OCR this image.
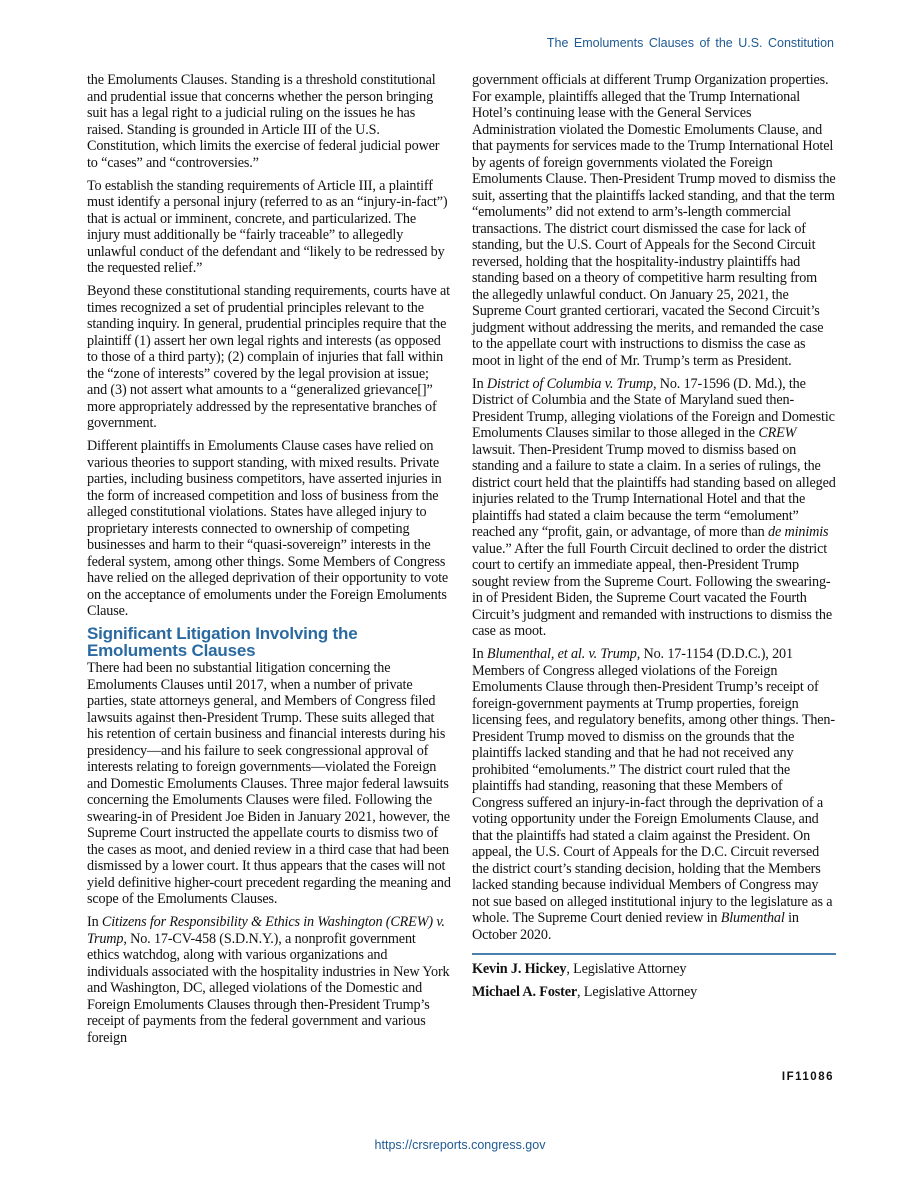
The Emoluments Clauses of the U.S. Constitution

the Emoluments Clauses. Standing is a threshold constitutional and prudential issue that concerns whether the person bringing suit has a legal right to a judicial ruling on the issues he has raised. Standing is grounded in Article III of the U.S. Constitution, which limits the exercise of federal judicial power to “cases” and “controversies.”

To establish the standing requirements of Article III, a plaintiff must identify a personal injury (referred to as an “injury-in-fact”) that is actual or imminent, concrete, and particularized. The injury must additionally be “fairly traceable” to allegedly unlawful conduct of the defendant and “likely to be redressed by the requested relief.”

Beyond these constitutional standing requirements, courts have at times recognized a set of prudential principles relevant to the standing inquiry. In general, prudential principles require that the plaintiff (1) assert her own legal rights and interests (as opposed to those of a third party); (2) complain of injuries that fall within the “zone of interests” covered by the legal provision at issue; and (3) not assert what amounts to a “generalized grievance[]” more appropriately addressed by the representative branches of government.

Different plaintiffs in Emoluments Clause cases have relied on various theories to support standing, with mixed results. Private parties, including business competitors, have asserted injuries in the form of increased competition and loss of business from the alleged constitutional violations. States have alleged injury to proprietary interests connected to ownership of competing businesses and harm to their “quasi-sovereign” interests in the federal system, among other things. Some Members of Congress have relied on the alleged deprivation of their opportunity to vote on the acceptance of emoluments under the Foreign Emoluments Clause.

Significant Litigation Involving the Emoluments Clauses

There had been no substantial litigation concerning the Emoluments Clauses until 2017, when a number of private parties, state attorneys general, and Members of Congress filed lawsuits against then-President Trump. These suits alleged that his retention of certain business and financial interests during his presidency—and his failure to seek congressional approval of interests relating to foreign governments—violated the Foreign and Domestic Emoluments Clauses. Three major federal lawsuits concerning the Emoluments Clauses were filed. Following the swearing-in of President Joe Biden in January 2021, however, the Supreme Court instructed the appellate courts to dismiss two of the cases as moot, and denied review in a third case that had been dismissed by a lower court. It thus appears that the cases will not yield definitive higher-court precedent regarding the meaning and scope of the Emoluments Clauses.

In Citizens for Responsibility & Ethics in Washington (CREW) v. Trump, No. 17-CV-458 (S.D.N.Y.), a nonprofit government ethics watchdog, along with various organizations and individuals associated with the hospitality industries in New York and Washington, DC, alleged violations of the Domestic and Foreign Emoluments Clauses through then-President Trump’s receipt of payments from the federal government and various foreign

government officials at different Trump Organization properties. For example, plaintiffs alleged that the Trump International Hotel’s continuing lease with the General Services Administration violated the Domestic Emoluments Clause, and that payments for services made to the Trump International Hotel by agents of foreign governments violated the Foreign Emoluments Clause. Then-President Trump moved to dismiss the suit, asserting that the plaintiffs lacked standing, and that the term “emoluments” did not extend to arm’s-length commercial transactions. The district court dismissed the case for lack of standing, but the U.S. Court of Appeals for the Second Circuit reversed, holding that the hospitality-industry plaintiffs had standing based on a theory of competitive harm resulting from the allegedly unlawful conduct. On January 25, 2021, the Supreme Court granted certiorari, vacated the Second Circuit’s judgment without addressing the merits, and remanded the case to the appellate court with instructions to dismiss the case as moot in light of the end of Mr. Trump’s term as President.

In District of Columbia v. Trump, No. 17-1596 (D. Md.), the District of Columbia and the State of Maryland sued then-President Trump, alleging violations of the Foreign and Domestic Emoluments Clauses similar to those alleged in the CREW lawsuit. Then-President Trump moved to dismiss based on standing and a failure to state a claim. In a series of rulings, the district court held that the plaintiffs had standing based on alleged injuries related to the Trump International Hotel and that the plaintiffs had stated a claim because the term “emolument” reached any “profit, gain, or advantage, of more than de minimis value.” After the full Fourth Circuit declined to order the district court to certify an immediate appeal, then-President Trump sought review from the Supreme Court. Following the swearing-in of President Biden, the Supreme Court vacated the Fourth Circuit’s judgment and remanded with instructions to dismiss the case as moot.

In Blumenthal, et al. v. Trump, No. 17-1154 (D.D.C.), 201 Members of Congress alleged violations of the Foreign Emoluments Clause through then-President Trump’s receipt of foreign-government payments at Trump properties, foreign licensing fees, and regulatory benefits, among other things. Then-President Trump moved to dismiss on the grounds that the plaintiffs lacked standing and that he had not received any prohibited “emoluments.” The district court ruled that the plaintiffs had standing, reasoning that these Members of Congress suffered an injury-in-fact through the deprivation of a voting opportunity under the Foreign Emoluments Clause, and that the plaintiffs had stated a claim against the President. On appeal, the U.S. Court of Appeals for the D.C. Circuit reversed the district court’s standing decision, holding that the Members lacked standing because individual Members of Congress may not sue based on alleged institutional injury to the legislature as a whole. The Supreme Court denied review in Blumenthal in October 2020.

Kevin J. Hickey, Legislative Attorney

Michael A. Foster, Legislative Attorney

IF11086
https://crsreports.congress.gov
